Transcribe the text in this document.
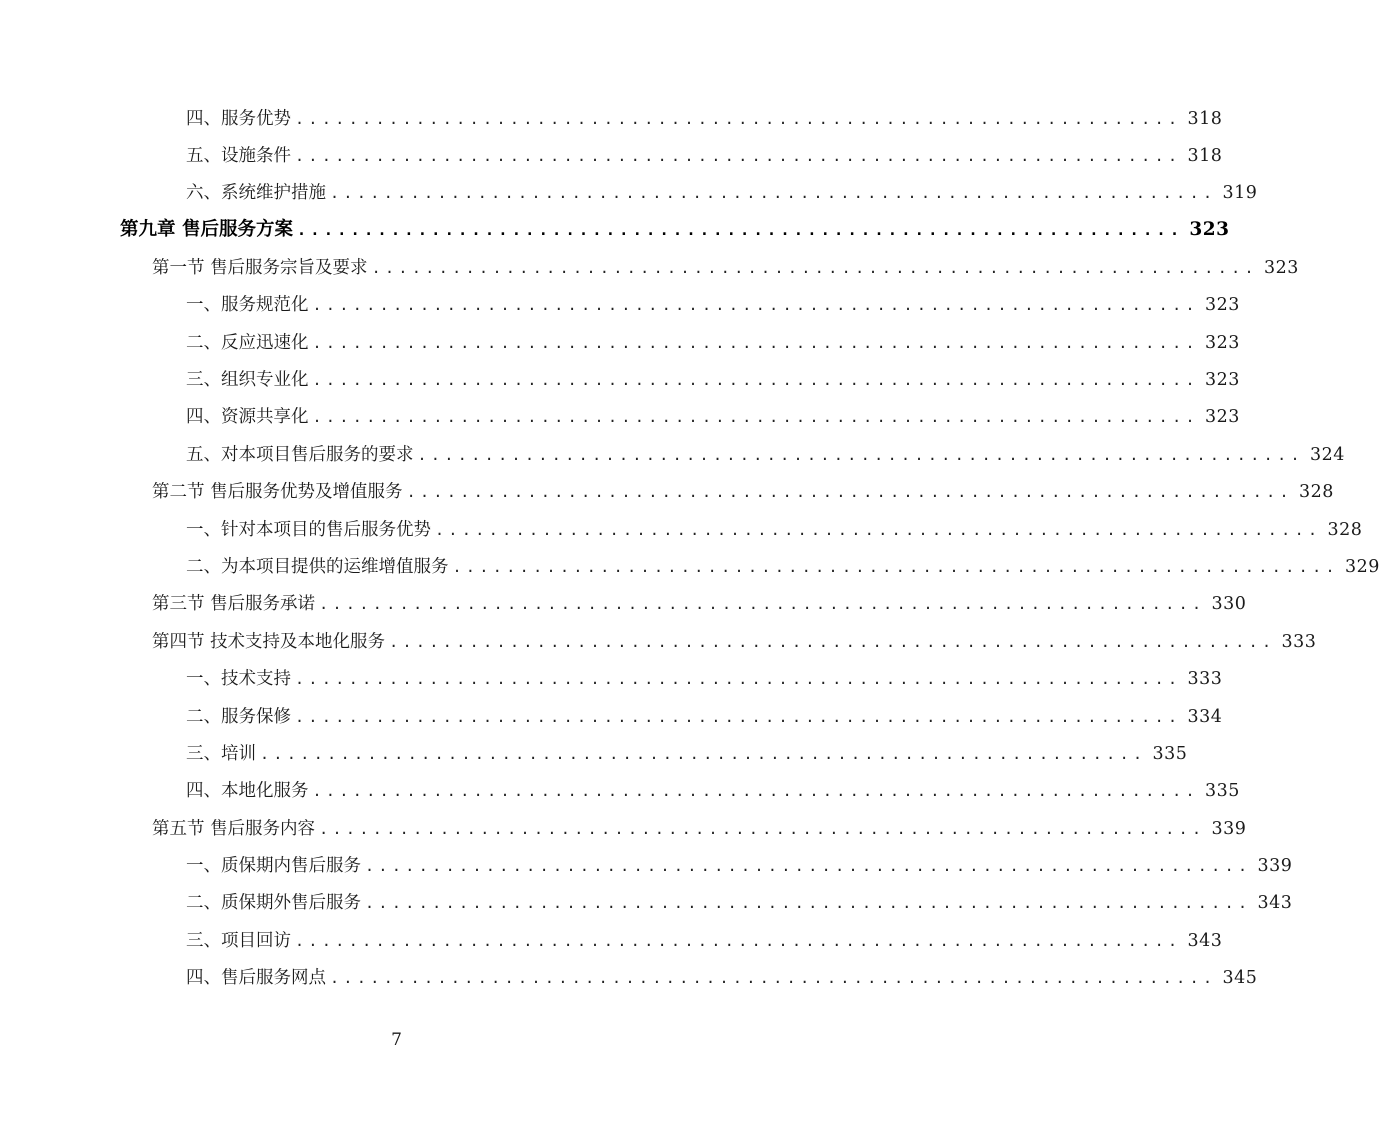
四、服务优势 .................................................................. 318
五、设施条件 .................................................................. 318
六、系统维护措施 .................................................................. 319
第九章 售后服务方案 .................................................................. 323
第一节 售后服务宗旨及要求 .................................................................. 323
一、服务规范化 .................................................................. 323
二、反应迅速化 .................................................................. 323
三、组织专业化 .................................................................. 323
四、资源共享化 .................................................................. 323
五、对本项目售后服务的要求 .................................................................. 324
第二节 售后服务优势及增值服务 .................................................................. 328
一、针对本项目的售后服务优势 .................................................................. 328
二、为本项目提供的运维增值服务 .................................................................. 329
第三节 售后服务承诺 .................................................................. 330
第四节 技术支持及本地化服务 .................................................................. 333
一、技术支持 .................................................................. 333
二、服务保修 .................................................................. 334
三、培训 .................................................................. 335
四、本地化服务 .................................................................. 335
第五节 售后服务内容 .................................................................. 339
一、质保期内售后服务 .................................................................. 339
二、质保期外售后服务 .................................................................. 343
三、项目回访 .................................................................. 343
四、售后服务网点 .................................................................. 345
7
